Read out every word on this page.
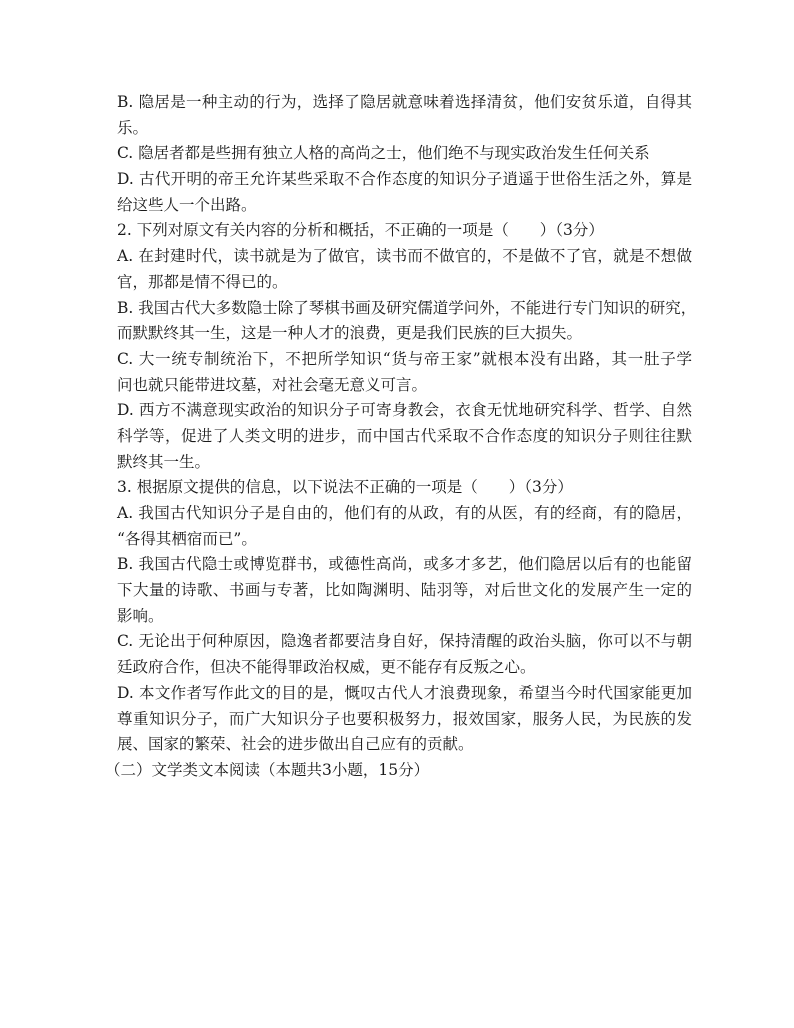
B. 隐居是一种主动的行为，选择了隐居就意味着选择清贫，他们安贫乐道，自得其
乐。
C. 隐居者都是些拥有独立人格的高尚之士，他们绝不与现实政治发生任何关系
D. 古代开明的帝王允许某些采取不合作态度的知识分子逍遥于世俗生活之外，算是
给这些人一个出路。
2. 下列对原文有关内容的分析和概括，不正确的一项是（　　）（3分）
A. 在封建时代，读书就是为了做官，读书而不做官的，不是做不了官，就是不想做
官，那都是情不得已的。
B. 我国古代大多数隐士除了琴棋书画及研究儒道学问外，不能进行专门知识的研究，
而默默终其一生，这是一种人才的浪费，更是我们民族的巨大损失。
C. 大一统专制统治下，不把所学知识“货与帝王家”就根本没有出路，其一肚子学
问也就只能带进坟墓，对社会毫无意义可言。
D. 西方不满意现实政治的知识分子可寄身教会，衣食无忧地研究科学、哲学、自然
科学等，促进了人类文明的进步，而中国古代采取不合作态度的知识分子则往往默
默终其一生。
3. 根据原文提供的信息，以下说法不正确的一项是（　　）（3分）
A. 我国古代知识分子是自由的，他们有的从政，有的从医，有的经商，有的隐居，
“各得其栖宿而已”。
B. 我国古代隐士或博览群书，或德性高尚，或多才多艺，他们隐居以后有的也能留
下大量的诗歌、书画与专著，比如陶渊明、陆羽等，对后世文化的发展产生一定的
影响。
C. 无论出于何种原因，隐逸者都要洁身自好，保持清醒的政治头脑，你可以不与朝
廷政府合作，但决不能得罪政治权威，更不能存有反叛之心。
D. 本文作者写作此文的目的是，慨叹古代人才浪费现象，希望当今时代国家能更加
尊重知识分子，而广大知识分子也要积极努力，报效国家，服务人民，为民族的发
展、国家的繁荣、社会的进步做出自己应有的贡献。
（二）文学类文本阅读（本题共3小题，15分）
